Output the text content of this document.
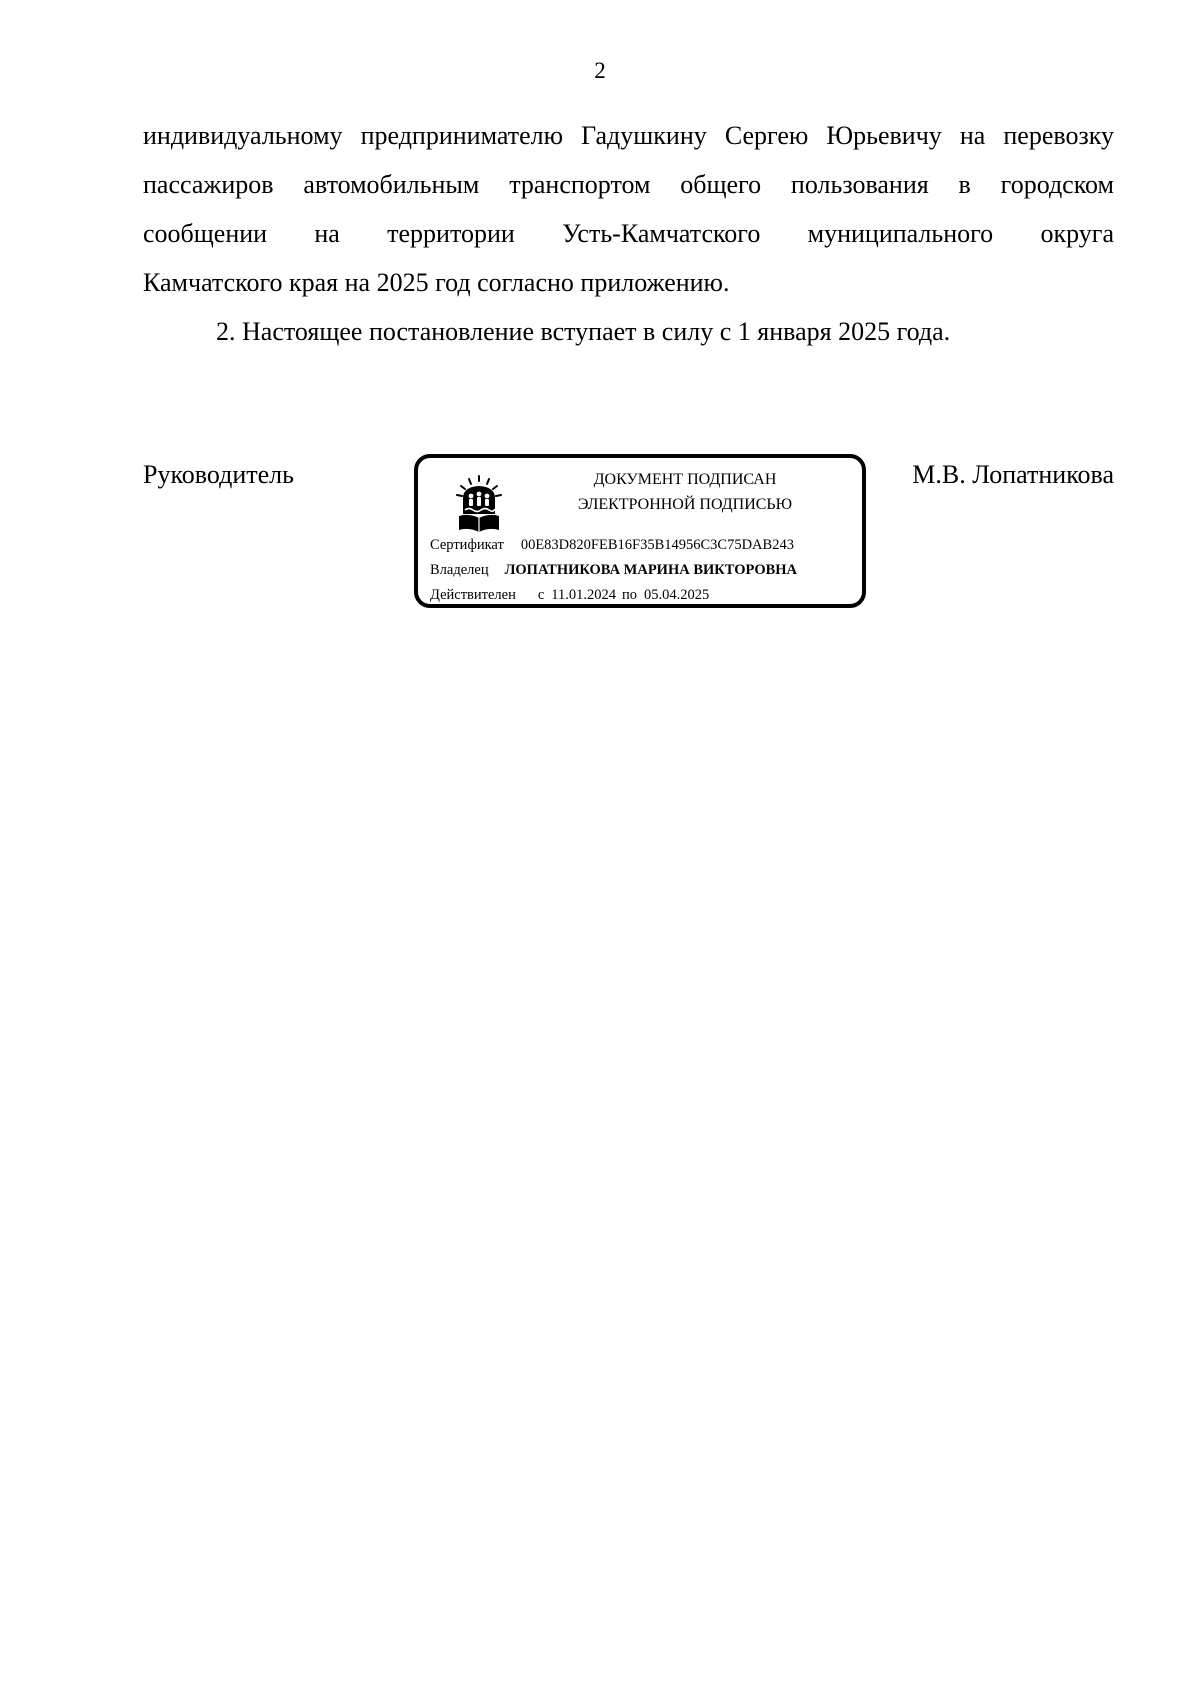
2
индивидуальному предпринимателю Гадушкину Сергею Юрьевичу на перевозку
пассажиров автомобильным транспортом общего пользования в городском
сообщении на территории Усть-Камчатского муниципального округа
Камчатского края на 2025 год согласно приложению.
2. Настоящее постановление вступает в силу с 1 января 2025 года.
Руководитель	М.В. Лопатникова
ДОКУМЕНТ ПОДПИСАН
ЭЛЕКТРОННОЙ ПОДПИСЬЮ
Сертификат 00E83D820FEB16F35B14956C3C75DAB243
Владелец ЛОПАТНИКОВА МАРИНА ВИКТОРОВНА
Действителен с 11.01.2024 по 05.04.2025
